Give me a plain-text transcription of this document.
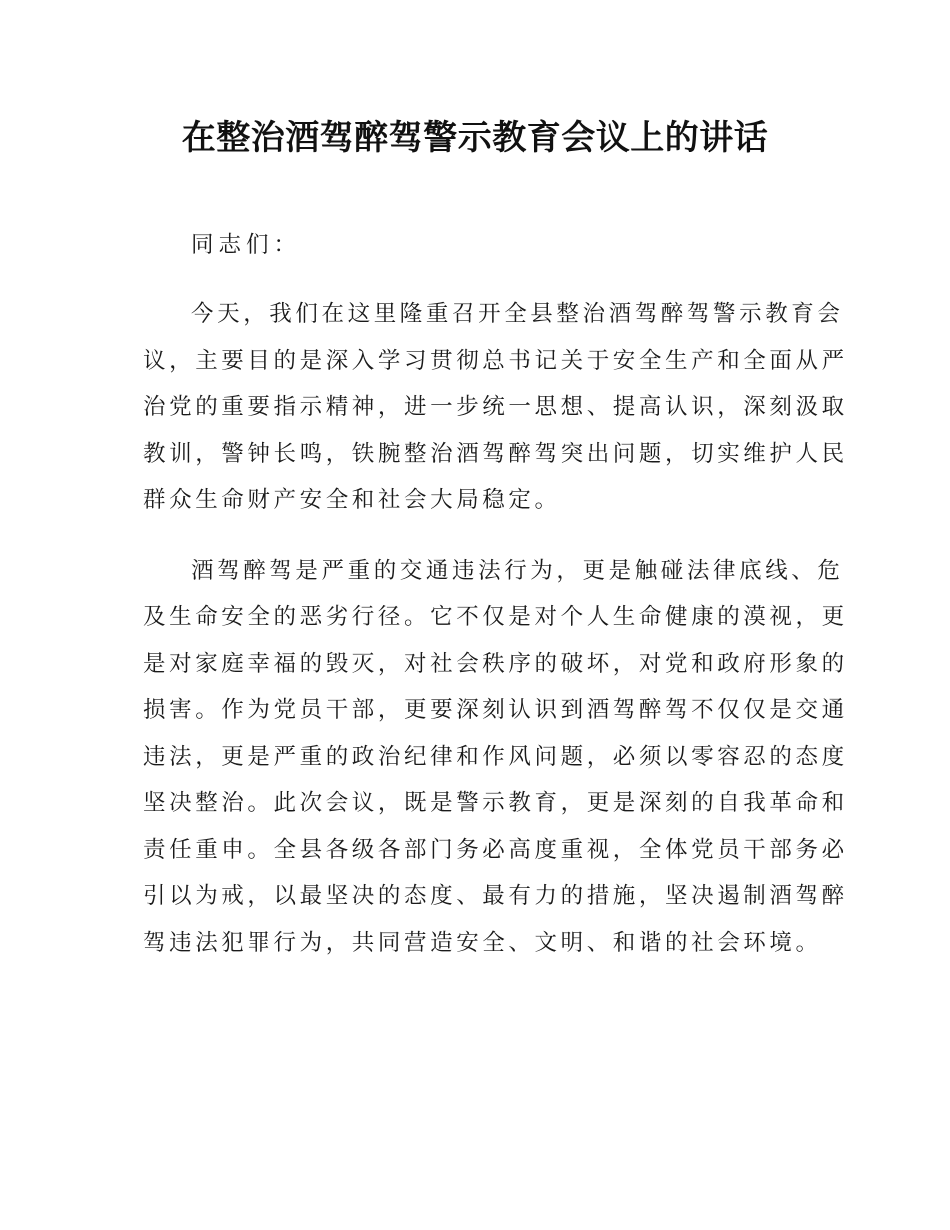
在整治酒驾醉驾警示教育会议上的讲话

同志们：

今天，我们在这里隆重召开全县整治酒驾醉驾警示教育会
议，主要目的是深入学习贯彻总书记关于安全生产和全面从严
治党的重要指示精神，进一步统一思想、提高认识，深刻汲取
教训，警钟长鸣，铁腕整治酒驾醉驾突出问题，切实维护人民
群众生命财产安全和社会大局稳定。

酒驾醉驾是严重的交通违法行为，更是触碰法律底线、危
及生命安全的恶劣行径。它不仅是对个人生命健康的漠视，更
是对家庭幸福的毁灭，对社会秩序的破坏，对党和政府形象的
损害。作为党员干部，更要深刻认识到酒驾醉驾不仅仅是交通
违法，更是严重的政治纪律和作风问题，必须以零容忍的态度
坚决整治。此次会议，既是警示教育，更是深刻的自我革命和
责任重申。全县各级各部门务必高度重视，全体党员干部务必
引以为戒，以最坚决的态度、最有力的措施，坚决遏制酒驾醉
驾违法犯罪行为，共同营造安全、文明、和谐的社会环境。
